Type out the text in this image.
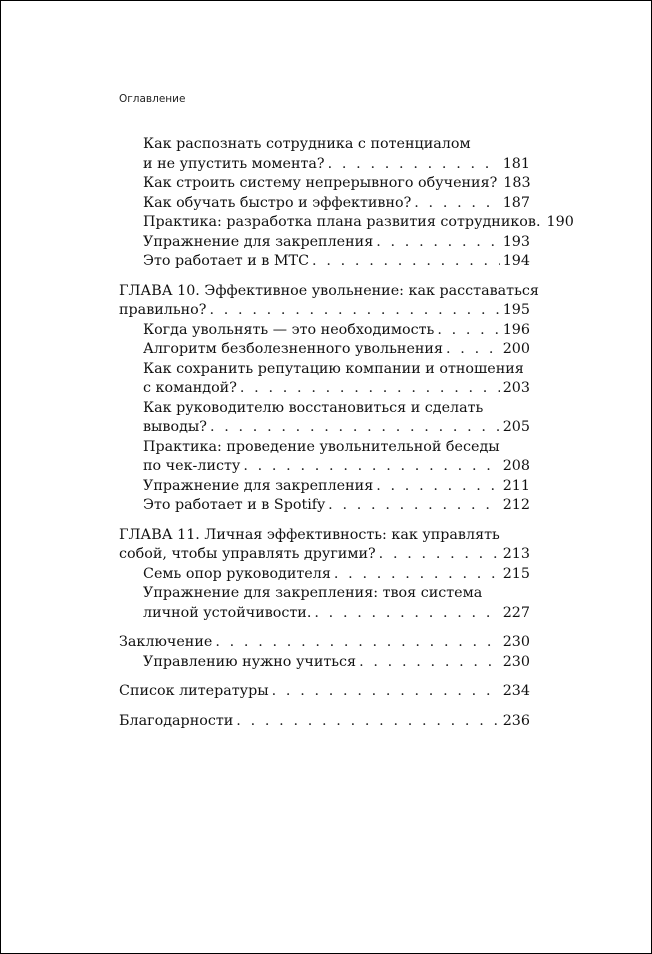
Оглавление
Как распознать сотрудника с потенциалом
и не упустить момента? . . .	181
Как строить систему непрерывного обучения? 183
Как обучать быстро и эффективно? . . .	187
Практика: разработка плана развития сотрудников. 190
Упражнение для закрепления . . .	193
Это работает и в МТС . . .	194
ГЛАВА 10. Эффективное увольнение: как расставаться
правильно? . . .	195
Когда увольнять — это необходимость . . .	196
Алгоритм безболезненного увольнения . . .	200
Как сохранить репутацию компании и отношения
с командой? . . .	203
Как руководителю восстановиться и сделать
выводы? . . .	205
Практика: проведение увольнительной беседы
по чек-листу . . .	208
Упражнение для закрепления . . .	211
Это работает и в Spotify . . .	212
ГЛАВА 11. Личная эффективность: как управлять
собой, чтобы управлять другими? . . .	213
Семь опор руководителя . . .	215
Упражнение для закрепления: твоя система
личной устойчивости. . . .	227
Заключение . . .	230
Управлению нужно учиться . . .	230
Список литературы . . .	234
Благодарности . . .	236
